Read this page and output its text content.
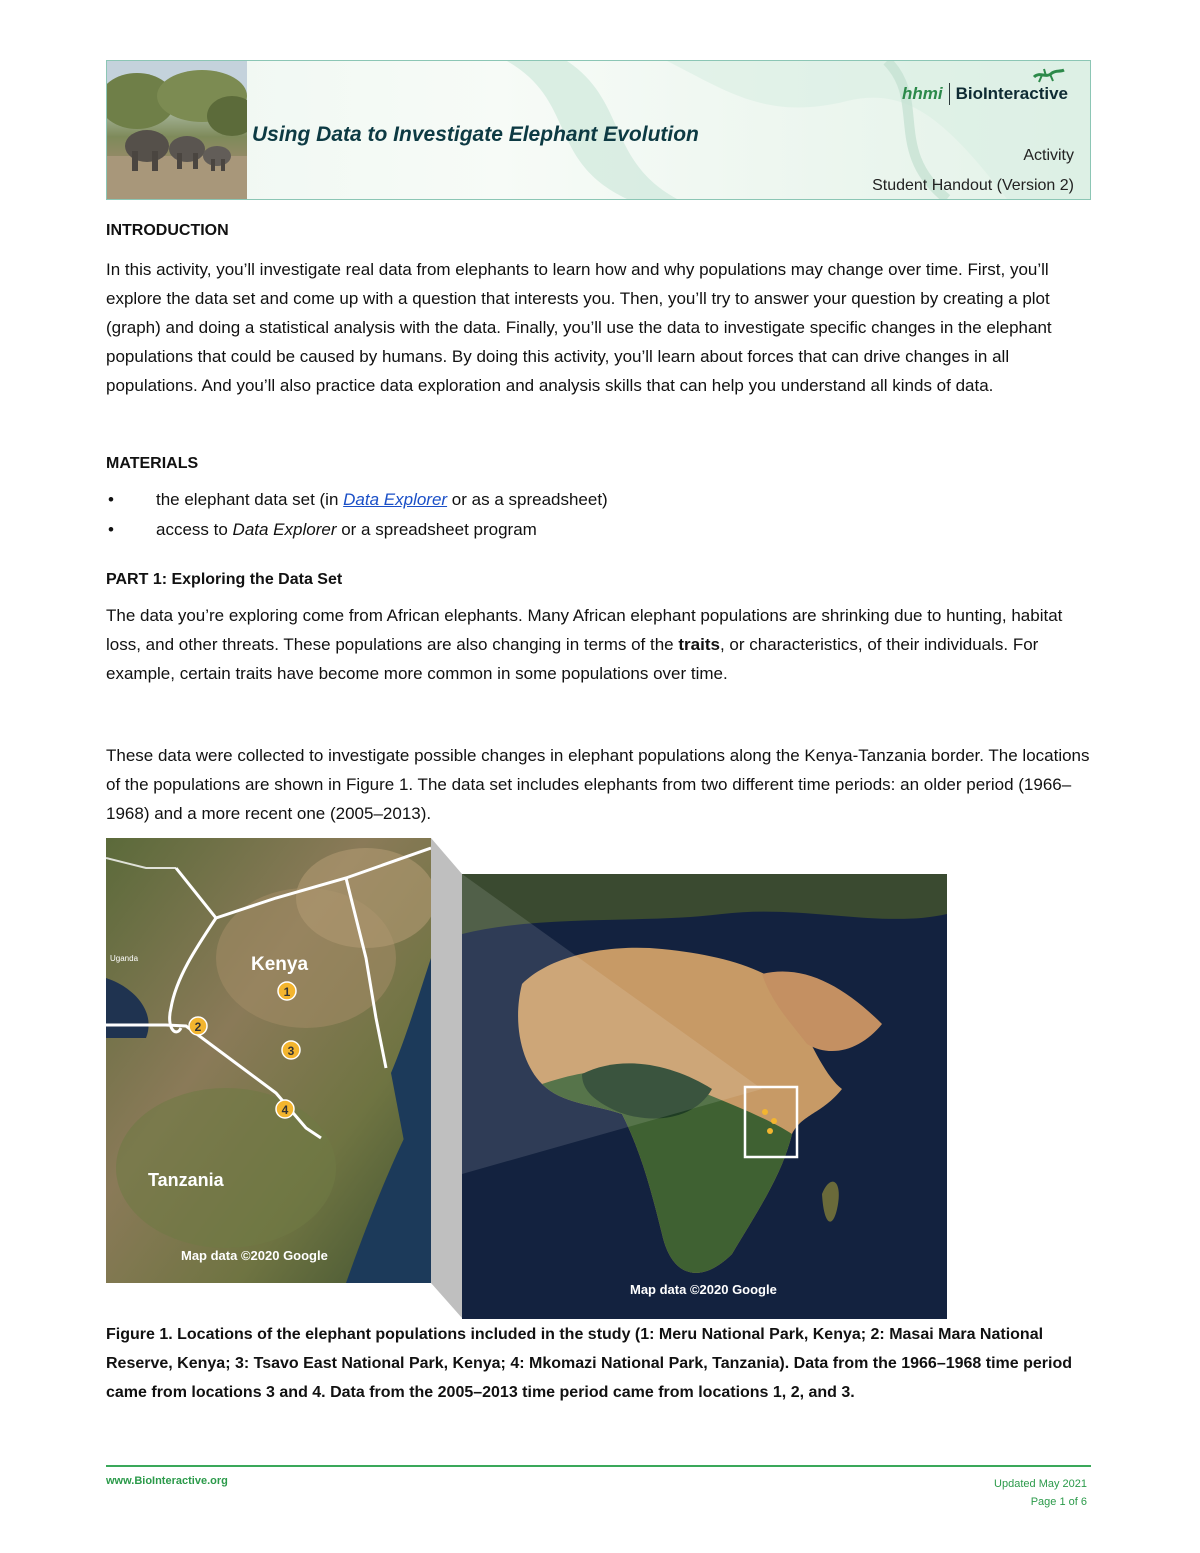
Using Data to Investigate Elephant Evolution
hhmi BioInteractive
Activity
Student Handout (Version 2)
INTRODUCTION
In this activity, you’ll investigate real data from elephants to learn how and why populations may change over time. First, you’ll explore the data set and come up with a question that interests you. Then, you’ll try to answer your question by creating a plot (graph) and doing a statistical analysis with the data. Finally, you’ll use the data to investigate specific changes in the elephant populations that could be caused by humans. By doing this activity, you’ll learn about forces that can drive changes in all populations. And you’ll also practice data exploration and analysis skills that can help you understand all kinds of data.
MATERIALS
•	the elephant data set (in Data Explorer or as a spreadsheet)
•	access to Data Explorer or a spreadsheet program
PART 1: Exploring the Data Set
The data you’re exploring come from African elephants. Many African elephant populations are shrinking due to hunting, habitat loss, and other threats. These populations are also changing in terms of the traits, or characteristics, of their individuals. For example, certain traits have become more common in some populations over time.
These data were collected to investigate possible changes in elephant populations along the Kenya-Tanzania border. The locations of the populations are shown in Figure 1. The data set includes elephants from two different time periods: an older period (1966–1968) and a more recent one (2005–2013).
Kenya
Tanzania
Uganda
1
2
3
4
Map data ©2020 Google
Map data ©2020 Google
Figure 1. Locations of the elephant populations included in the study (1: Meru National Park, Kenya; 2: Masai Mara National Reserve, Kenya; 3: Tsavo East National Park, Kenya; 4: Mkomazi National Park, Tanzania). Data from the 1966–1968 time period came from locations 3 and 4. Data from the 2005–2013 time period came from locations 1, 2, and 3.
www.BioInteractive.org	Updated May 2021
Page 1 of 6
